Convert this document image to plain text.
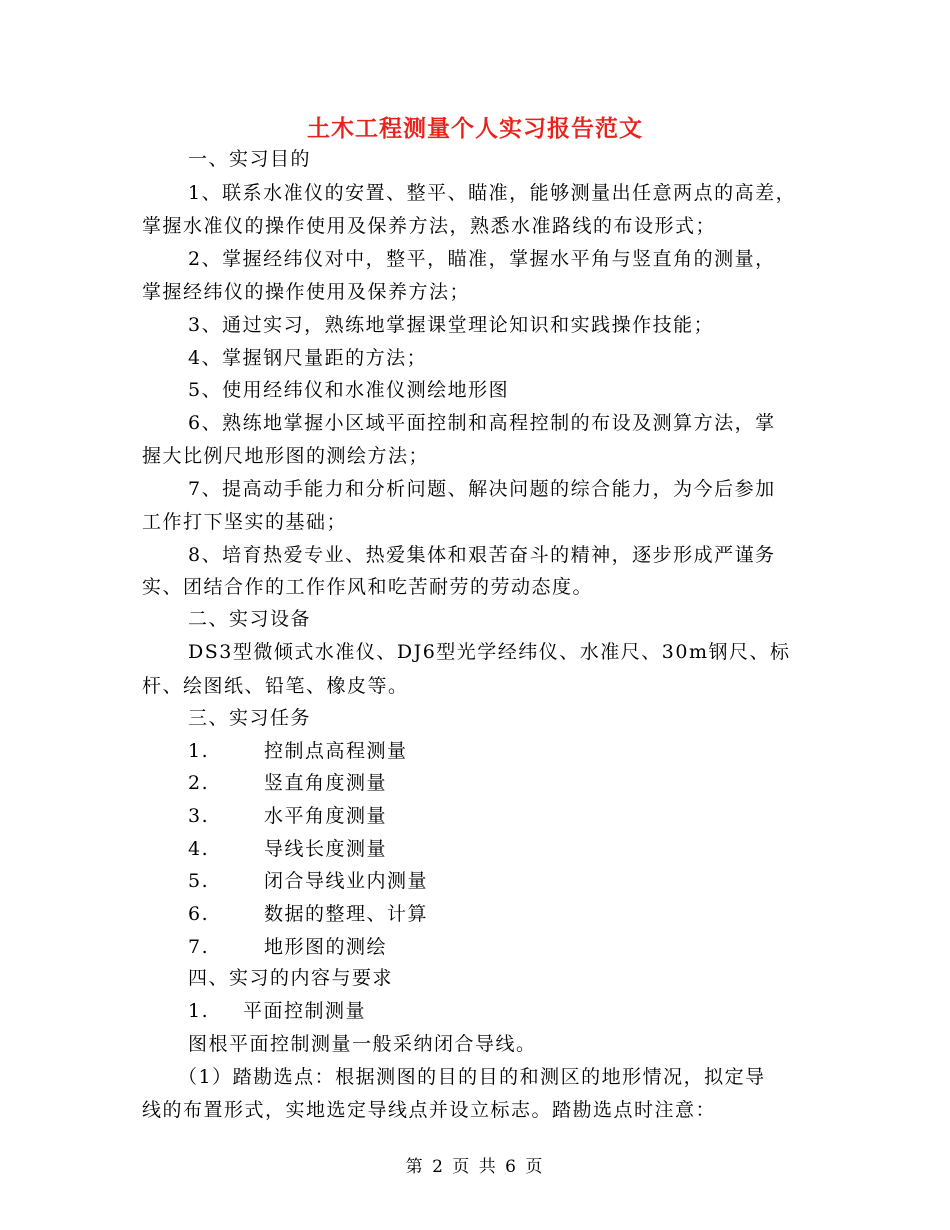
土木工程测量个人实习报告范文
一、实习目的
1、联系水准仪的安置、整平、瞄准，能够测量出任意两点的高差，
掌握水准仪的操作使用及保养方法，熟悉水准路线的布设形式；
2、掌握经纬仪对中，整平，瞄准，掌握水平角与竖直角的测量，
掌握经纬仪的操作使用及保养方法；
3、通过实习，熟练地掌握课堂理论知识和实践操作技能；
4、掌握钢尺量距的方法；
5、使用经纬仪和水准仪测绘地形图
6、熟练地掌握小区域平面控制和高程控制的布设及测算方法，掌
握大比例尺地形图的测绘方法；
7、提高动手能力和分析问题、解决问题的综合能力，为今后参加
工作打下坚实的基础；
8、培育热爱专业、热爱集体和艰苦奋斗的精神，逐步形成严谨务
实、团结合作的工作作风和吃苦耐劳的劳动态度。
二、实习设备
DS3型微倾式水准仪、DJ6型光学经纬仪、水准尺、30m钢尺、标
杆、绘图纸、铅笔、橡皮等。
三、实习任务
1.	控制点高程测量
2.	竖直角度测量
3.	水平角度测量
4.	导线长度测量
5.	闭合导线业内测量
6.	数据的整理、计算
7.	地形图的测绘
四、实习的内容与要求
1. 平面控制测量
图根平面控制测量一般采纳闭合导线。
（1）踏勘选点：根据测图的目的目的和测区的地形情况，拟定导
线的布置形式，实地选定导线点并设立标志。踏勘选点时注意：
第 2 页 共 6 页
